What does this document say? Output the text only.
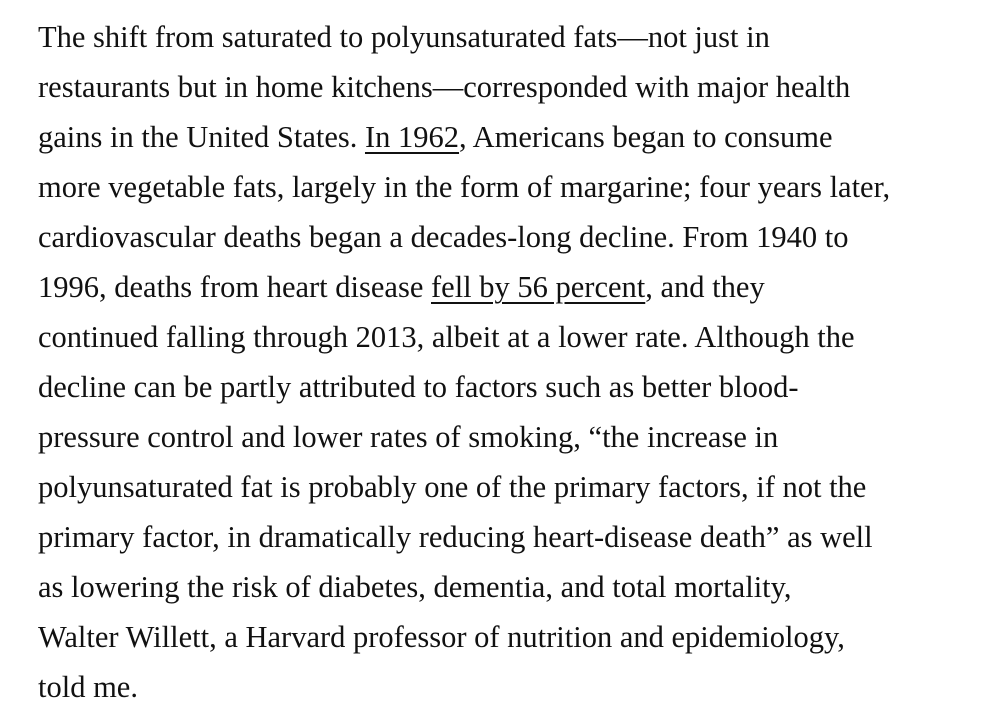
The shift from saturated to polyunsaturated fats—not just in
restaurants but in home kitchens—corresponded with major health
gains in the United States. In 1962, Americans began to consume
more vegetable fats, largely in the form of margarine; four years later,
cardiovascular deaths began a decades-long decline. From 1940 to
1996, deaths from heart disease fell by 56 percent, and they
continued falling through 2013, albeit at a lower rate. Although the
decline can be partly attributed to factors such as better blood-
pressure control and lower rates of smoking, “the increase in
polyunsaturated fat is probably one of the primary factors, if not the
primary factor, in dramatically reducing heart-disease death” as well
as lowering the risk of diabetes, dementia, and total mortality,
Walter Willett, a Harvard professor of nutrition and epidemiology,
told me.
